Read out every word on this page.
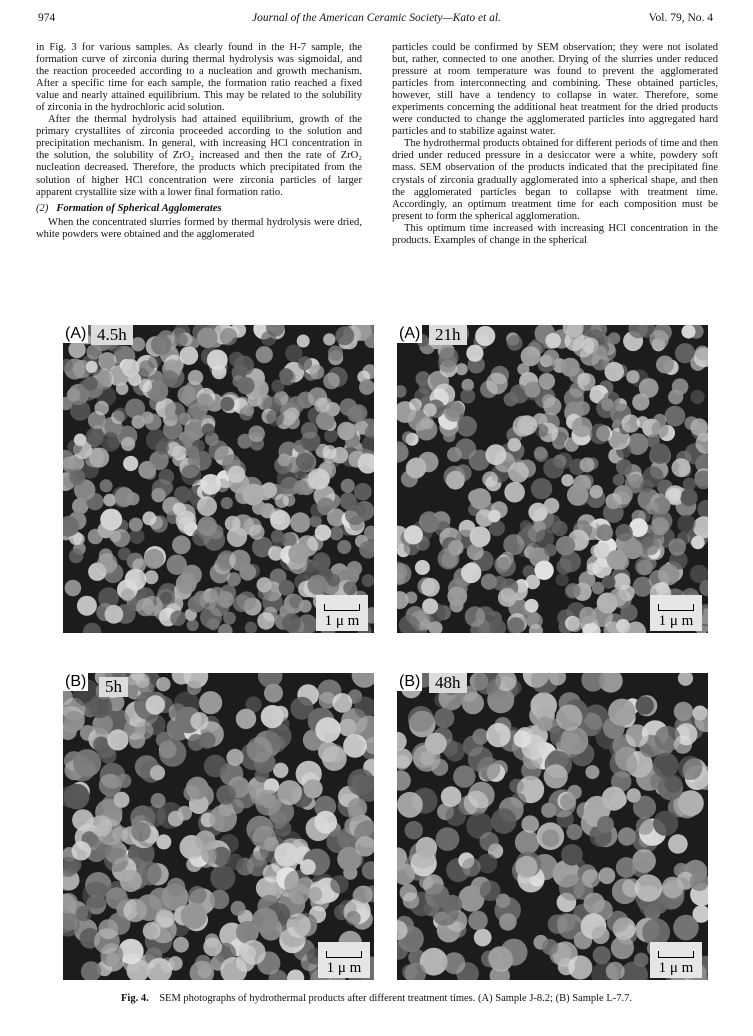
974	Journal of the American Ceramic Society—Kato et al.	Vol. 79, No. 4

in Fig. 3 for various samples. As clearly found in the H-7 sample, the formation curve of zirconia during thermal hydrolysis was sigmoidal, and the reaction proceeded according to a nucleation and growth mechanism. After a specific time for each sample, the formation ratio reached a fixed value and nearly attained equilibrium. This may be related to the solubility of zirconia in the hydrochloric acid solution.

After the thermal hydrolysis had attained equilibrium, growth of the primary crystallites of zirconia proceeded according to the solution and precipitation mechanism. In general, with increasing HCl concentration in the solution, the solubility of ZrO₂ increased and then the rate of ZrO₂ nucleation decreased. Therefore, the products which precipitated from the solution of higher HCl concentration were zirconia particles of larger apparent crystallite size with a lower final formation ratio.

(2) Formation of Spherical Agglomerates

When the concentrated slurries formed by thermal hydrolysis were dried, white powders were obtained and the agglomerated

particles could be confirmed by SEM observation; they were not isolated but, rather, connected to one another. Drying of the slurries under reduced pressure at room temperature was found to prevent the agglomerated particles from interconnecting and combining. These obtained particles, however, still have a tendency to collapse in water. Therefore, some experiments concerning the additional heat treatment for the dried products were conducted to change the agglomerated particles into aggregated hard particles and to stabilize against water.

The hydrothermal products obtained for different periods of time and then dried under reduced pressure in a desiccator were a white, powdery soft mass. SEM observation of the products indicated that the precipitated fine crystals of zirconia gradually agglomerated into a spherical shape, and then the agglomerated particles began to collapse with treatment time. Accordingly, an optimum treatment time for each composition must be present to form the spherical agglomeration.

This optimum time increased with increasing HCl concentration in the products. Examples of change in the spherical

(A) 4.5h
1 μ m
(A) 21h
1 μ m
(B)	5h
1 μ m
(B) 48h
1 μ m
Fig. 4. SEM photographs of hydrothermal products after different treatment times. (A) Sample J-8.2; (B) Sample L-7.7.
